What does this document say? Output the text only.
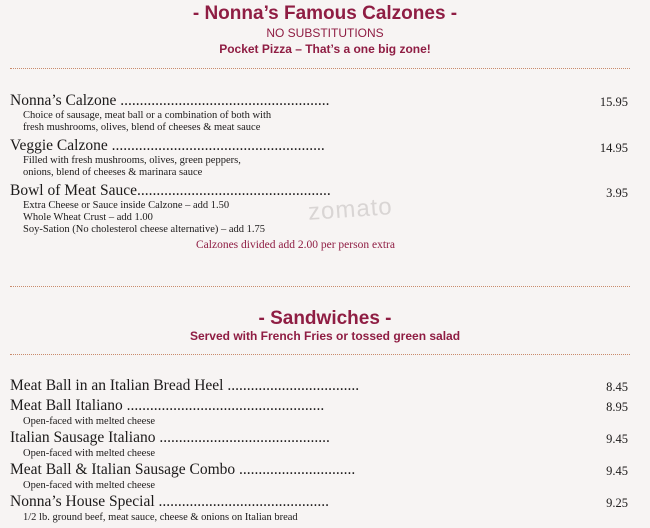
zomato
- Nonna’s Famous Calzones -
NO SUBSTITUTIONS
Pocket Pizza – That’s a one big zone!
Nonna’s Calzone ......................................................	15.95
Choice of sausage, meat ball or a combination of both with
fresh mushrooms, olives, blend of cheeses & meat sauce
Veggie Calzone .......................................................	14.95
Filled with fresh mushrooms, olives, green peppers,
onions, blend of cheeses & marinara sauce
Bowl of Meat Sauce..................................................	3.95
Extra Cheese or Sauce inside Calzone – add 1.50
Whole Wheat Crust – add 1.00
Soy-Sation (No cholesterol cheese alternative) – add 1.75
Calzones divided add 2.00 per person extra
- Sandwiches -
Served with French Fries or tossed green salad
Meat Ball in an Italian Bread Heel ..................................	8.45
Meat Ball Italiano ...................................................	8.95
Open-faced with melted cheese
Italian Sausage Italiano ............................................	9.45
Open-faced with melted cheese
Meat Ball & Italian Sausage Combo ..............................	9.45
Open-faced with melted cheese
Nonna’s House Special ............................................	9.25
1/2 lb. ground beef, meat sauce, cheese & onions on Italian bread
